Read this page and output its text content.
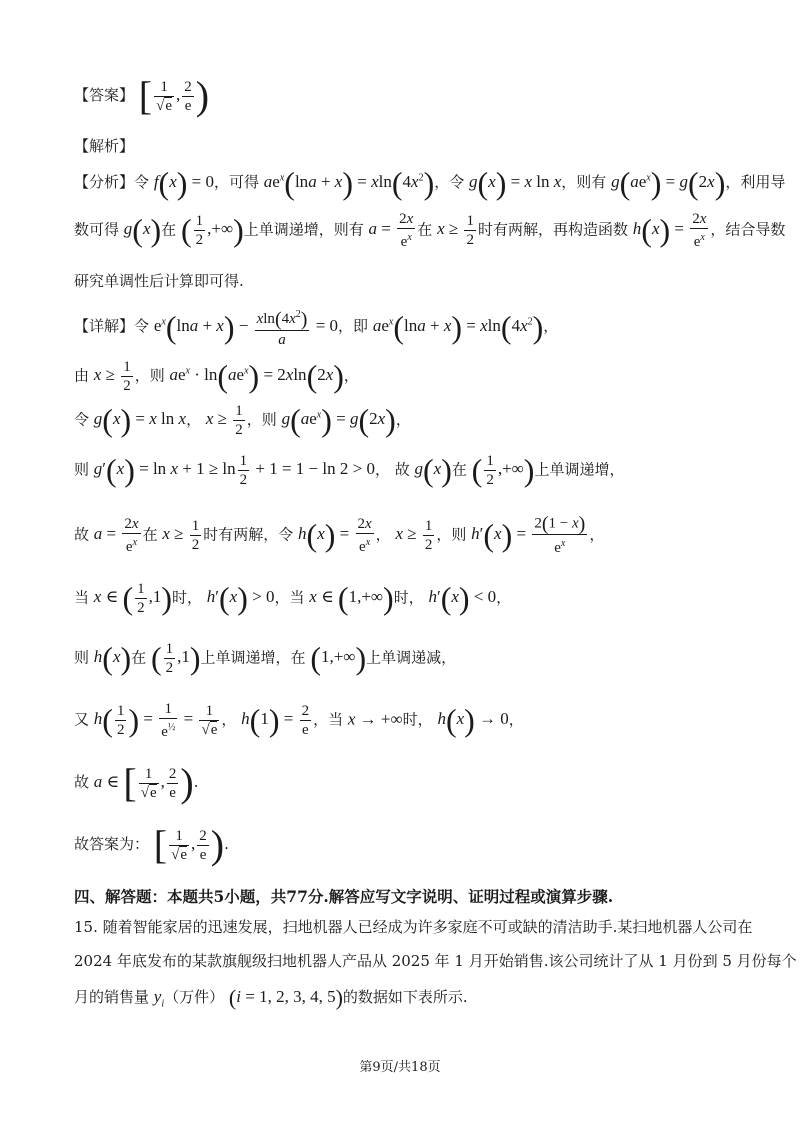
【答案】 [ $\frac{1}{√e}$ , $\frac{2}{e}$ )
【解析】
【分析】令 f(x) = 0，可得 $ae^x(\ln a + x) = xln(4x^2)$，令 g(x) = x ln x，则有 $g(ae^x) = g(2x)$，利用导
数可得 g(x)在 ( $\frac{1}{2}$ ,+∞)上单调递增，则有 $a = \frac{2x}{e^x}$ 在 $x \ge \frac{1}{2}$ 时有两解，再构造函数 $h(x) = \frac{2x}{e^x}$ ，结合导数
研究单调性后计算即可得.
【详解】令 $e^x(\ln a + x) - \frac{xln(4x^2)}{a} = 0$，即 $ae^x(\ln a + x) = xln(4x^2)$，
由 $x \ge \frac{1}{2}$ ，则 $ae^x \cdot \ln(ae^x) = 2xln(2x)$，
令 g(x) = x ln x， $x \ge \frac{1}{2}$ ，则 $g(ae^x) = g(2x)$，
则 $g'(x) = \ln x + 1 \ge \ln \frac{1}{2} + 1 = 1 - \ln 2 > 0$， 故 g(x)在 ( $\frac{1}{2}$ ,+∞)上单调递增，
故 $a = \frac{2x}{e^x}$ 在 $x \ge \frac{1}{2}$ 时有两解，令 $h(x) = \frac{2x}{e^x}$ ， $x \ge \frac{1}{2}$ ，则 $h'(x) = \frac{2(1 - x)}{e^x}$ ，
当 x ∈ ( $\frac{1}{2} ,1$)时， h′(x) > 0，当 x ∈ (1,+∞)时， h′(x) < 0，
则 h(x)在 ( $\frac{1}{2} ,1$)上单调递增，在 (1,+∞)上单调递减，
又 $h( \frac{1}{2}$ ) = $\frac{1}{e^{\frac{1}{2}}} = \frac{1}{√e}$ ， $h(1) = \frac{2}{e}$ ，当 x → +∞时， h(x) → 0，
故 a ∈ [ $\frac{1}{√e}$ , $\frac{2}{e}$ ).
故答案为： [ $\frac{1}{√e}$ , $\frac{2}{e}$ ).
四、解答题：本题共5小题，共77分.解答应写文字说明、证明过程或演算步骤.
15. 随着智能家居的迅速发展，扫地机器人已经成为许多家庭不可或缺的清洁助手.某扫地机器人公司在
2024 年底发布的某款旗舰级扫地机器人产品从 2025 年 1 月开始销售.该公司统计了从 1 月份到 5 月份每个
月的销售量 $y_i$（万件） (i = 1, 2, 3, 4, 5)的数据如下表所示.
第9页/共18页
